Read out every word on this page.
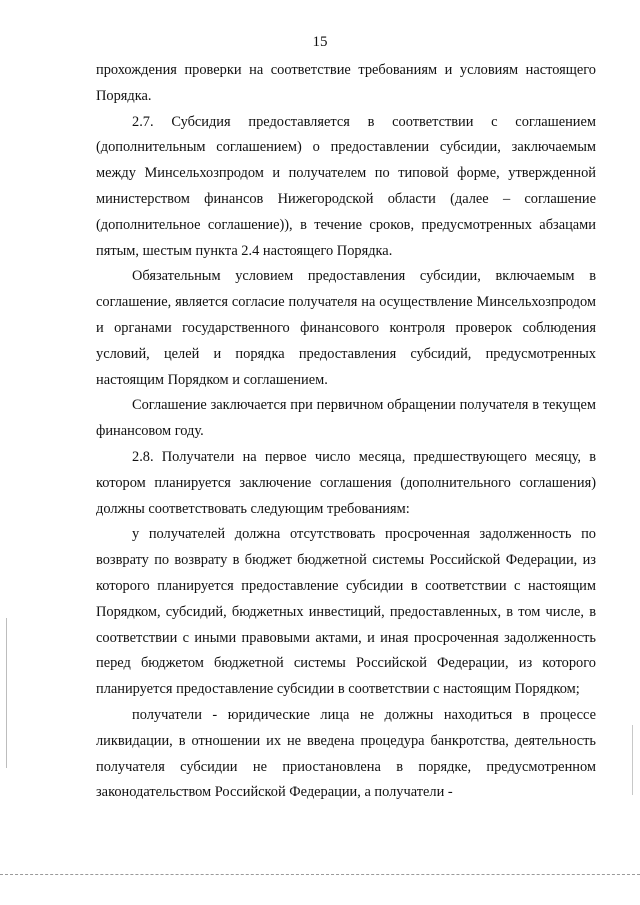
15

прохождения проверки на соответствие требованиям и условиям настоящего Порядка.

2.7. Субсидия предоставляется в соответствии с соглашением (дополнительным соглашением) о предоставлении субсидии, заключаемым между Минсельхозпродом и получателем по типовой форме, утвержденной министерством финансов Нижегородской области (далее – соглашение (дополнительное соглашение)), в течение сроков, предусмотренных абзацами пятым, шестым пункта 2.4 настоящего Порядка.

Обязательным условием предоставления субсидии, включаемым в соглашение, является согласие получателя на осуществление Минсельхозпродом и органами государственного финансового контроля проверок соблюдения условий, целей и порядка предоставления субсидий, предусмотренных настоящим Порядком и соглашением.

Соглашение заключается при первичном обращении получателя в текущем финансовом году.

2.8. Получатели на первое число месяца, предшествующего месяцу, в котором планируется заключение соглашения (дополнительного соглашения) должны соответствовать следующим требованиям:

у получателей должна отсутствовать просроченная задолженность по возврату по возврату в бюджет бюджетной системы Российской Федерации, из которого планируется предоставление субсидии в соответствии с настоящим Порядком, субсидий, бюджетных инвестиций, предоставленных, в том числе, в соответствии с иными правовыми актами, и иная просроченная задолженность перед бюджетом бюджетной системы Российской Федерации, из которого планируется предоставление субсидии в соответствии с настоящим Порядком;

получатели - юридические лица не должны находиться в процессе ликвидации, в отношении их не введена процедура банкротства, деятельность получателя субсидии не приостановлена в порядке, предусмотренном законодательством Российской Федерации, а получатели -
